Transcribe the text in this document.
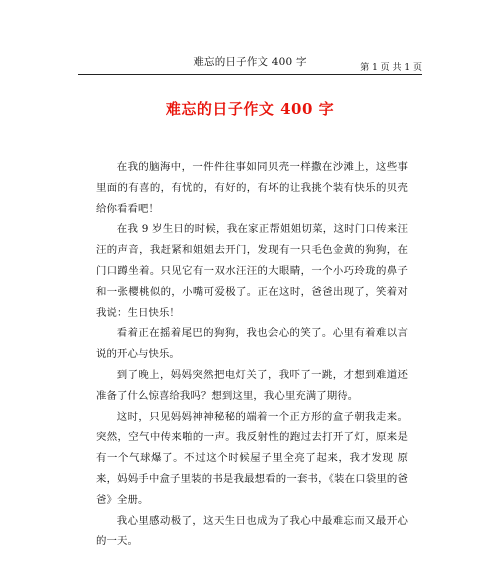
难忘的日子作文 400 字	第 1 页 共 1 页
难忘的日子作文 400 字

在我的脑海中，一件件往事如同贝壳一样撒在沙滩上，这些事里面的有喜的，有忧的，有好的，有坏的让我挑个装有快乐的贝壳给你看看吧！

在我 9 岁生日的时候，我在家正帮姐姐切菜，这时门口传来汪汪的声音，我赶紧和姐姐去开门，发现有一只毛色金黄的狗狗，在门口蹲坐着。只见它有一双水汪汪的大眼睛，一个小巧玲珑的鼻子和一张樱桃似的，小嘴可爱极了。正在这时，爸爸出现了，笑着对我说：生日快乐！

看着正在摇着尾巴的狗狗，我也会心的笑了。心里有着难以言说的开心与快乐。

到了晚上，妈妈突然把电灯关了，我吓了一跳，才想到难道还准备了什么惊喜给我吗？想到这里，我心里充满了期待。

这时，只见妈妈神神秘秘的端着一个正方形的盒子朝我走来。突然，空气中传来啪的一声。我反射性的跑过去打开了灯，原来是有一个气球爆了。不过这个时候屋子里全亮了起来，我才发现 原来，妈妈手中盒子里装的书是我最想看的一套书，《装在口袋里的爸爸》全册。

我心里感动极了，这天生日也成为了我心中最难忘而又最开心的一天。
